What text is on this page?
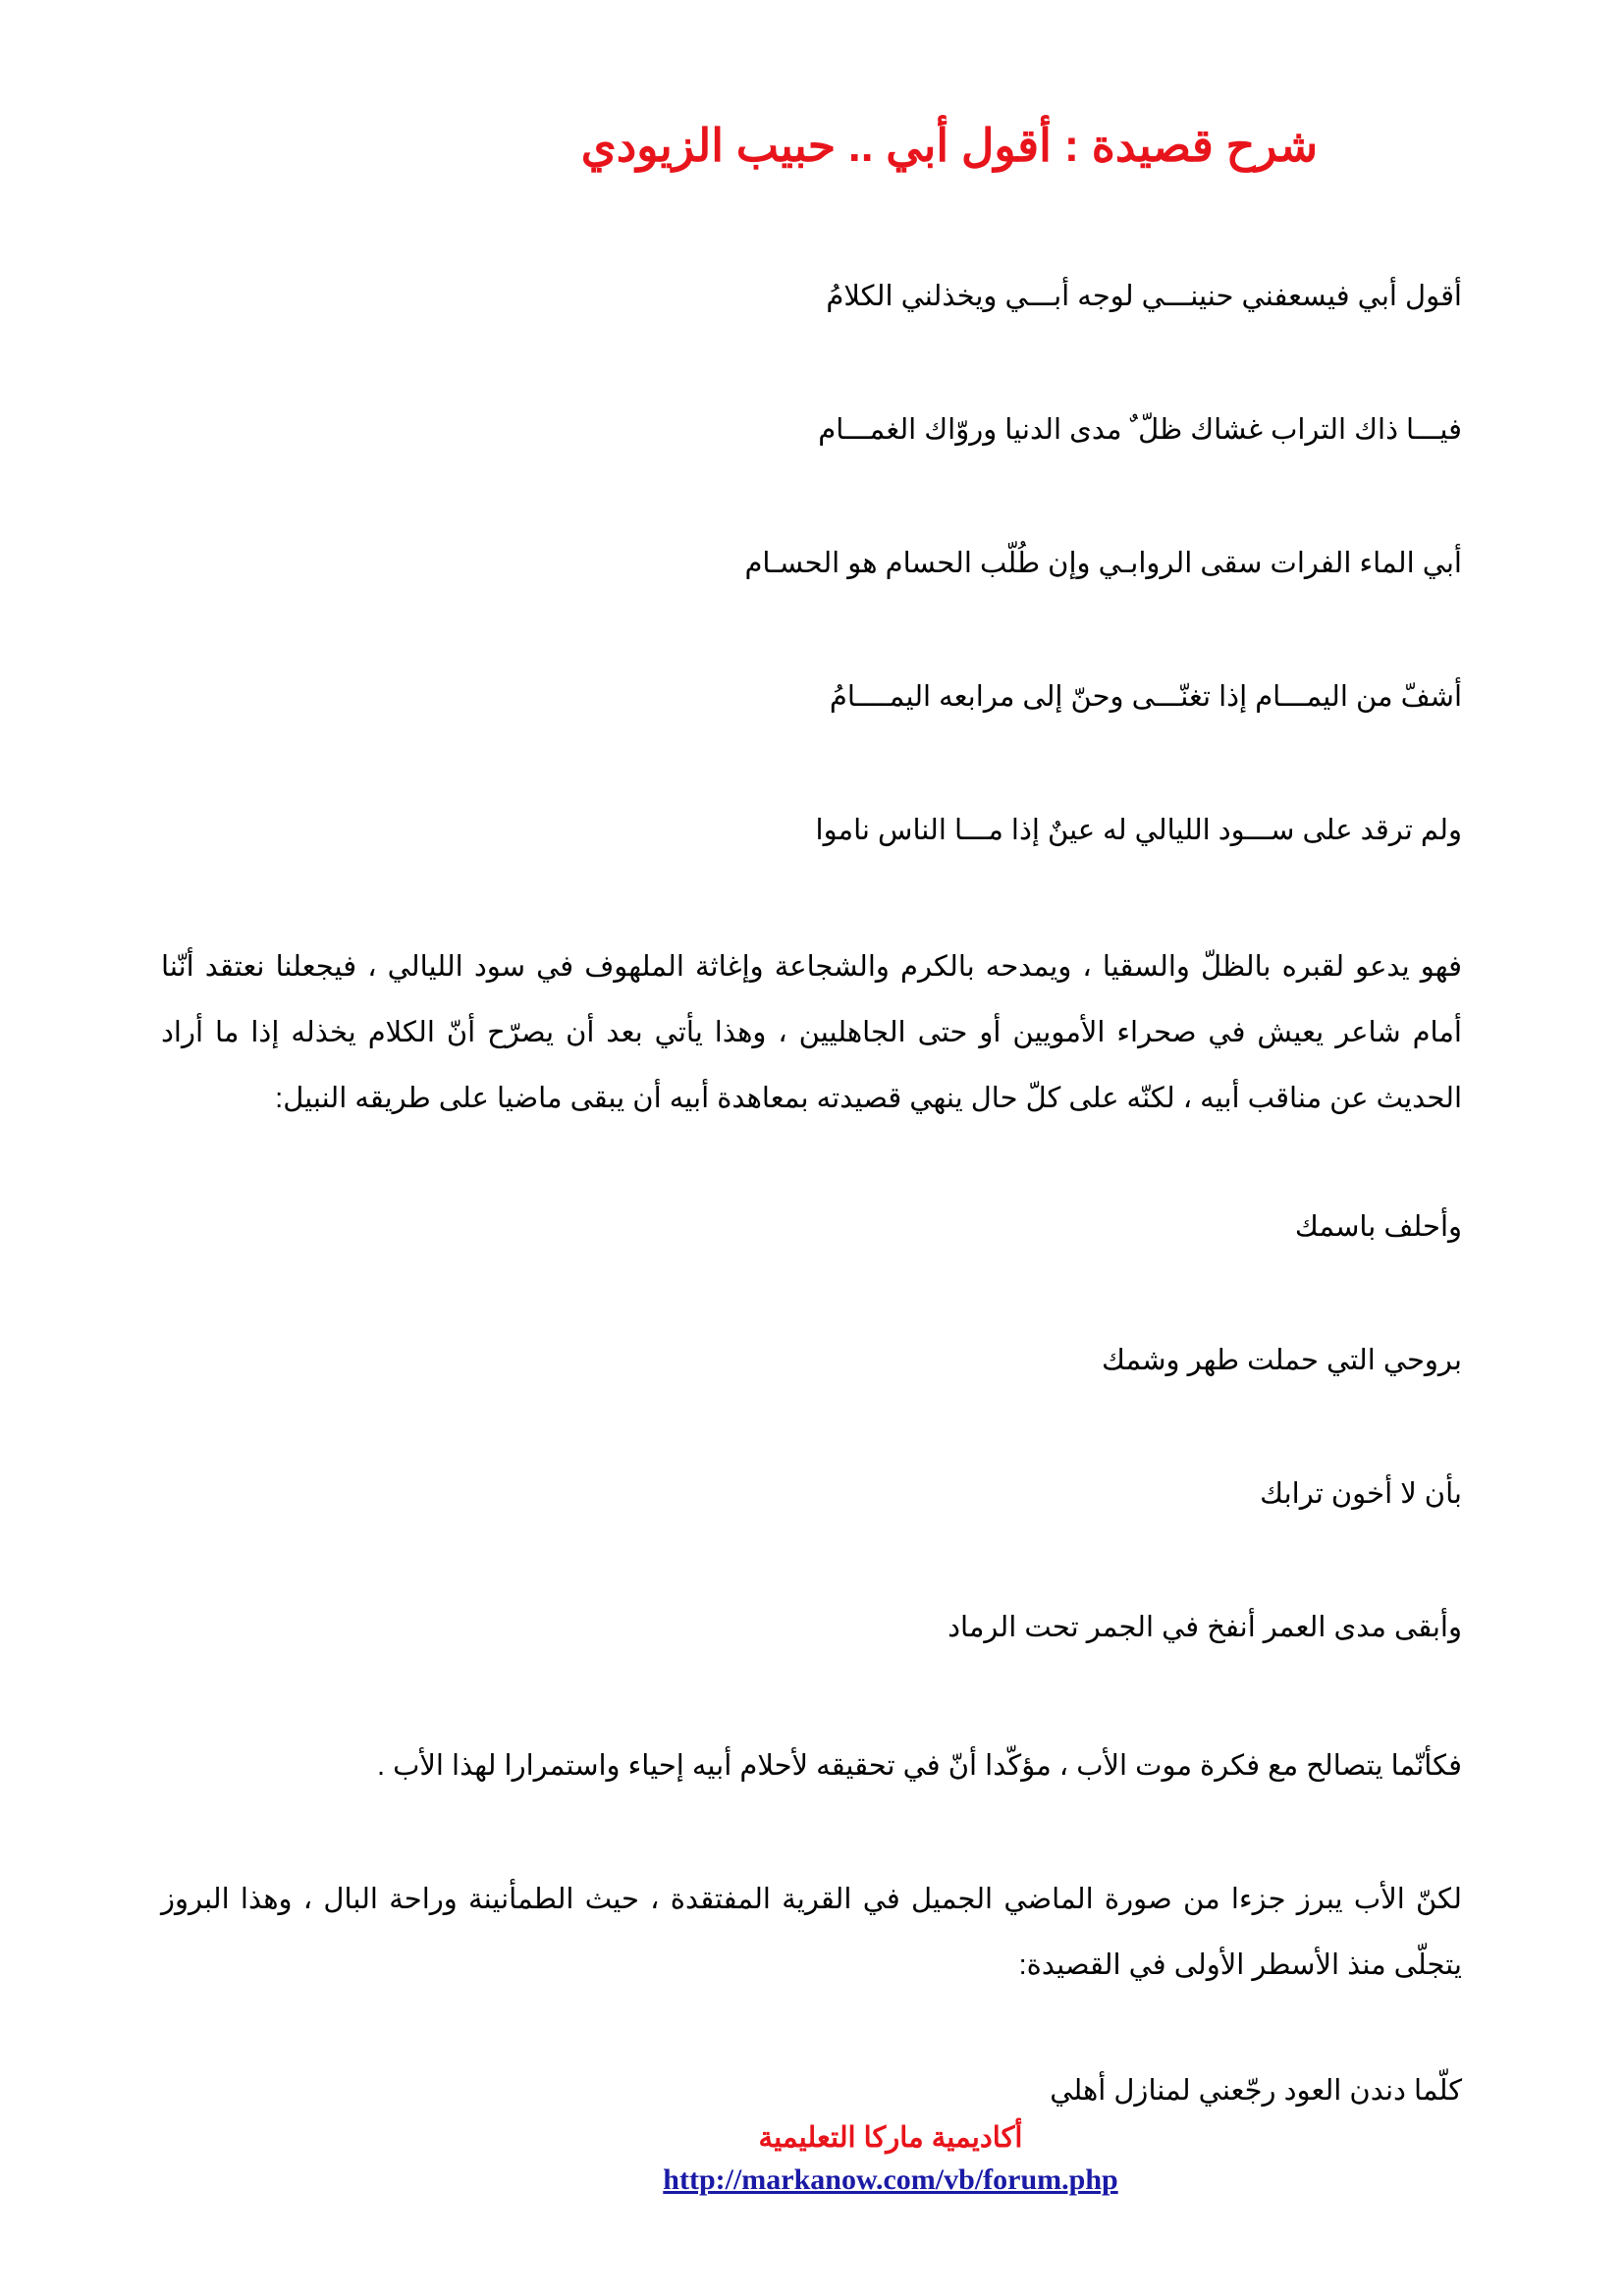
شرح قصيدة : أقول أبي .. حبيب الزيودي
أقول أبي فيسعفني حنينـــي لوجه أبـــي ويخذلني الكلامُ
فيـــا ذاك التراب غشاك ظلّ ٌ مدى الدنيا وروّاك الغمـــام
أبي الماء الفرات سقى الروابـي وإن طُلّب الحسام هو الحسـام
أشفّ من اليمـــام إذا تغنّـــى وحنّ إلى مرابعه اليمــــامُ
ولم ترقد على ســـود الليالي له عينٌ إذا مـــا الناس ناموا
فهو يدعو لقبره بالظلّ والسقيا ، ويمدحه بالكرم والشجاعة وإغاثة الملهوف في سود الليالي ، فيجعلنا نعتقد أنّنا أمام شاعر يعيش في صحراء الأمويين أو حتى الجاهليين ، وهذا يأتي بعد أن يصرّح أنّ الكلام يخذله إذا ما أراد الحديث عن مناقب أبيه ، لكنّه على كلّ حال ينهي قصيدته بمعاهدة أبيه أن يبقى ماضيا على طريقه النبيل:
وأحلف باسمك
بروحي التي حملت طهر وشمك
بأن لا أخون ترابك
وأبقى مدى العمر أنفخ في الجمر تحت الرماد
فكأنّما يتصالح مع فكرة موت الأب ، مؤكّدا أنّ في تحقيقه لأحلام أبيه إحياء واستمرارا لهذا الأب .
لكنّ الأب يبرز جزءا من صورة الماضي الجميل في القرية المفتقدة ، حيث الطمأنينة وراحة البال ، وهذا البروز يتجلّى منذ الأسطر الأولى في القصيدة:
كلّما دندن العود رجّعني لمنازل أهلي
أكاديمية ماركا التعليمية
http://markanow.com/vb/forum.php
